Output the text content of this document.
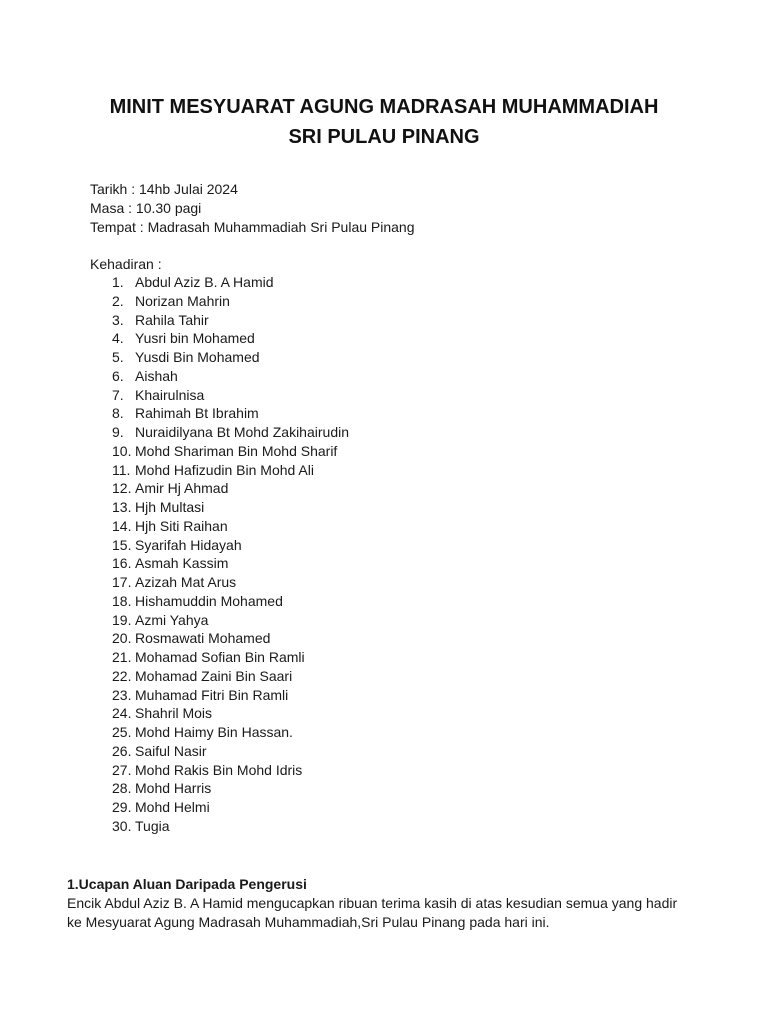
MINIT MESYUARAT AGUNG MADRASAH MUHAMMADIAH
SRI PULAU PINANG
Tarikh : 14hb Julai 2024
Masa : 10.30 pagi
Tempat : Madrasah Muhammadiah Sri Pulau Pinang
Kehadiran :
1. Abdul Aziz B. A Hamid
2. Norizan Mahrin
3. Rahila Tahir
4. Yusri bin Mohamed
5. Yusdi Bin Mohamed
6. Aishah
7. Khairulnisa
8. Rahimah Bt Ibrahim
9. Nuraidilyana Bt Mohd Zakihairudin
10. Mohd Shariman Bin Mohd Sharif
11. Mohd Hafizudin Bin Mohd Ali
12. Amir Hj Ahmad
13. Hjh Multasi
14. Hjh Siti Raihan
15. Syarifah Hidayah
16. Asmah Kassim
17. Azizah Mat Arus
18. Hishamuddin Mohamed
19. Azmi Yahya
20. Rosmawati Mohamed
21. Mohamad Sofian Bin Ramli
22. Mohamad Zaini Bin Saari
23. Muhamad Fitri Bin Ramli
24. Shahril Mois
25. Mohd Haimy Bin Hassan.
26. Saiful Nasir
27. Mohd Rakis Bin Mohd Idris
28. Mohd Harris
29. Mohd Helmi
30. Tugia
1.Ucapan Aluan Daripada Pengerusi
Encik Abdul Aziz B. A Hamid mengucapkan ribuan terima kasih di atas kesudian semua yang hadir
ke Mesyuarat Agung Madrasah Muhammadiah,Sri Pulau Pinang pada hari ini.
